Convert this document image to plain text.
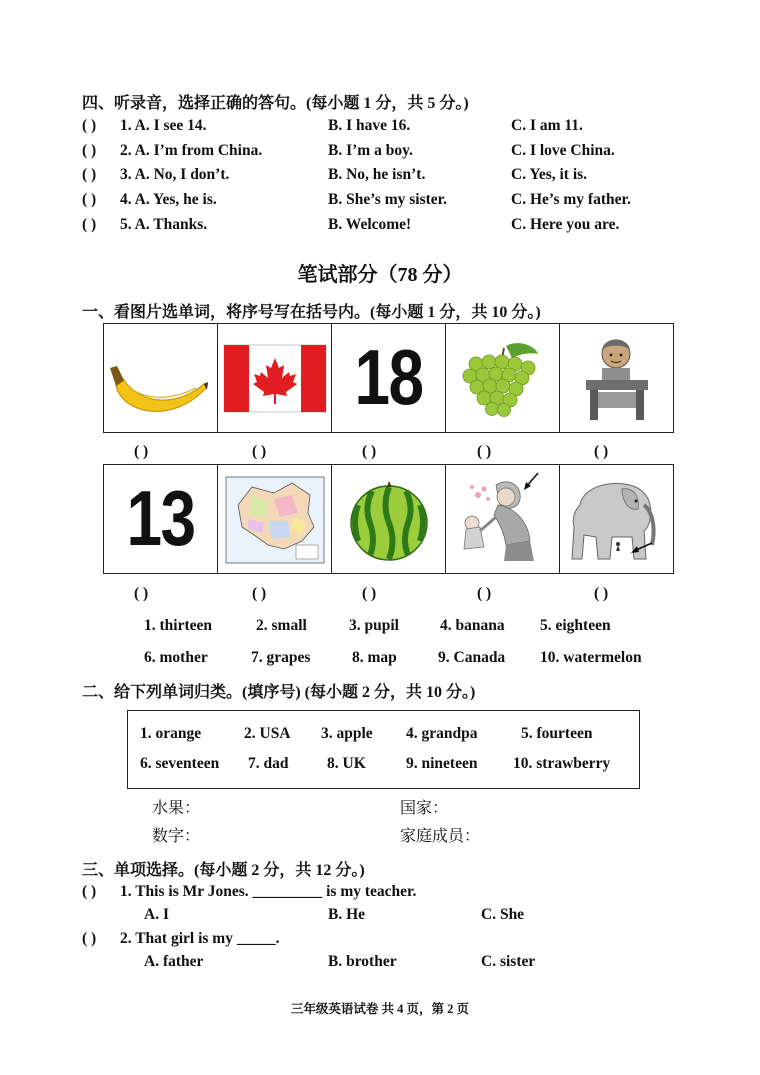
四、听录音，选择正确的答句。(每小题 1 分，共 5 分。)
( ) 1. A. I see 14.	B. I have 16.	C. I am 11.
( ) 2. A. I’m from China.	B. I’m a boy.	C. I love China.
( ) 3. A. No, I don’t.	B. No, he isn’t.	C. Yes, it is.
( ) 4. A. Yes, he is.	B. She’s my sister.	C. He’s my father.
( ) 5. A. Thanks.	B. Welcome!	C. Here you are.
笔试部分（78 分）
一、看图片选单词，将序号写在括号内。(每小题 1 分，共 10 分。)
18
( )	( )	( )	( )	( )
13
( )	( )	( )	( )	( )
1. thirteen	2. small	3. pupil	4. banana 5. eighteen
6. mother	7. grapes	8. map	9. Canada 10. watermelon
二、给下列单词归类。(填序号) (每小题 2 分，共 10 分。)
1. orange	2. USA 3. apple 4. grandpa	5. fourteen
6. seventeen 7. dad 8. UK	9. nineteen 10. strawberry
水果：	国家：
数字：	家庭成员：
三、单项选择。(每小题 2 分，共 12 分。)
( ) 1. This is Mr Jones. _________ is my teacher.
A. I	B. He	C. She
( ) 2. That girl is my _____.
A. father	B. brother	C. sister
三年级英语试卷 共 4 页，第 2 页
